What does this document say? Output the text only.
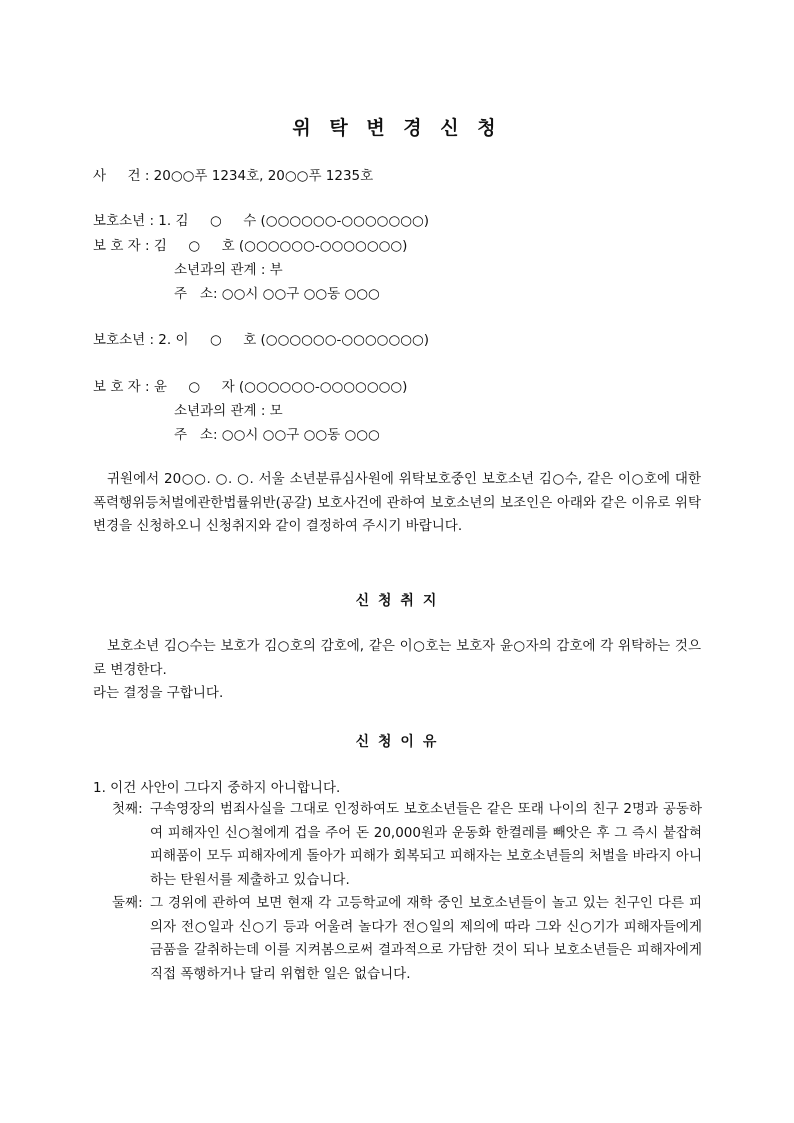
위 탁 변 경 신 청
사     건 : 20○○푸 1234호, 20○○푸 1235호
보호소년 : 1. 김     ○     수 (○○○○○○-○○○○○○○)
보 호 자 : 김     ○     호 (○○○○○○-○○○○○○○)
소년과의 관계 : 부
주   소: ○○시 ○○구 ○○동 ○○○
보호소년 : 2. 이     ○     호 (○○○○○○-○○○○○○○)
보 호 자 : 윤     ○     자 (○○○○○○-○○○○○○○)
소년과의 관계 : 모
주   소: ○○시 ○○구 ○○동 ○○○
귀원에서 20○○. ○. ○. 서울 소년분류심사원에 위탁보호중인 보호소년 김○수, 같은 이○호에 대한 폭력행위등처벌에관한법률위반(공갈) 보호사건에 관하여 보호소년의 보조인은 아래와 같은 이유로 위탁변경을 신청하오니 신청취지와 같이 결정하여 주시기 바랍니다.
신 청 취 지
보호소년 김○수는 보호가 김○호의 감호에, 같은 이○호는 보호자 윤○자의 감호에 각 위탁하는 것으로 변경한다.
라는 결정을 구합니다.
신 청 이 유
1. 이건 사안이 그다지 중하지 아니합니다.
첫째: 구속영장의 범죄사실을 그대로 인정하여도 보호소년들은 같은 또래 나이의 친구 2명과 공동하여 피해자인 신○철에게 겁을 주어 돈 20,000원과 운동화 한켤레를 빼앗은 후 그 즉시 붙잡혀 피해품이 모두 피해자에게 돌아가 피해가 회복되고 피해자는 보호소년들의 처벌을 바라지 아니하는 탄원서를 제출하고 있습니다.
둘째: 그 경위에 관하여 보면 현재 각 고등학교에 재학 중인 보호소년들이 놀고 있는 친구인 다른 피의자 전○일과 신○기 등과 어울려 놀다가 전○일의 제의에 따라 그와 신○기가 피해자들에게 금품을 갈취하는데 이를 지켜봄으로써 결과적으로 가담한 것이 되나 보호소년들은 피해자에게 직접 폭행하거나 달리 위협한 일은 없습니다.
